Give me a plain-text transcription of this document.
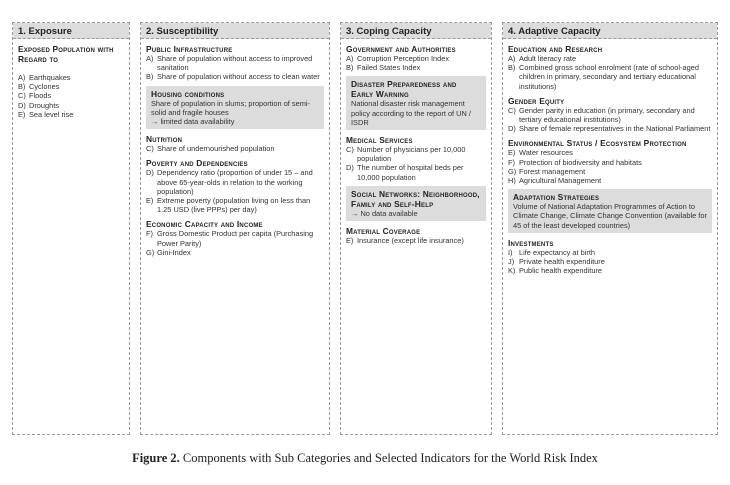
1. Exposure
Exposed Population with Regard to
A) Earthquakes
B) Cyclones
C) Floods
D) Droughts
E) Sea level rise
2. Susceptibility
Public Infrastructure
A) Share of population without access to improved sanitation
B) Share of population without access to clean water
Housing conditions
Share of population in slums; proportion of semi-solid and fragile houses
→ limited data availability
Nutrition
C) Share of undernourished population
Poverty and Dependencies
D) Dependency ratio (proportion of under 15 – and above 65-year-olds in relation to the working population)
E) Extreme poverty (population living on less than 1.25 USD (live PPPs) per day)
Economic Capacity and Income
F) Gross Domestic Product per capita (Purchasing Power Parity)
G) Gini-Index
3. Coping Capacity
Government and Authorities
A) Corruption Perception Index
B) Failed States Index
Disaster Preparedness and Early Warning
National disaster risk management policy according to the report of UN / ISDR
Medical Services
C) Number of physicians per 10,000 population
D) The number of hospital beds per 10,000 population
Social Networks: Neighborhood, Family and Self-Help
→ No data available
Material Coverage
E) Insurance (except life insurance)
4. Adaptive Capacity
Education and Research
A) Adult literacy rate
B) Combined gross school enrolment (rate of school-aged children in primary, secondary and tertiary educational institutions)
Gender Equity
C) Gender parity in education (in primary, secondary and tertiary educational institutions)
D) Share of female representatives in the National Parliament
Environmental Status / Ecosystem Protection
E) Water resources
F) Protection of biodiversity and habitats
G) Forest management
H) Agricultural Management
Adaptation Strategies
Volume of National Adaptation Programmes of Action to Climate Change, Climate Change Convention (available for 45 of the least developed countries)
Investments
I) Life expectancy at birth
J) Private health expenditure
K) Public health expenditure
Figure 2. Components with Sub Categories and Selected Indicators for the World Risk Index
